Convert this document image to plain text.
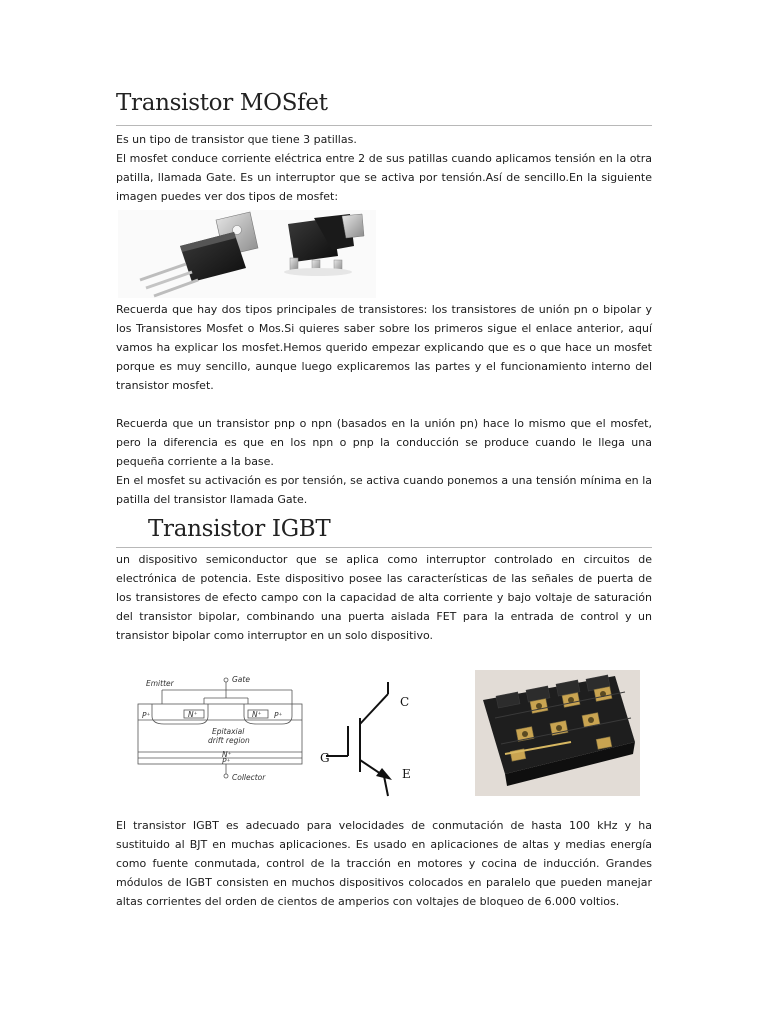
Transistor MOSfet

Es un tipo de transistor que tiene 3 patillas.

El mosfet conduce corriente eléctrica entre 2 de sus patillas cuando aplicamos tensión en la otra patilla, llamada Gate. Es un interruptor que se activa por tensión.Así de sencillo.En la siguiente imagen puedes ver dos tipos de mosfet:

Recuerda que hay dos tipos principales de transistores: los transistores de unión pn o bipolar y los Transistores Mosfet o Mos.Si quieres saber sobre los primeros sigue el enlace anterior, aquí vamos ha explicar los mosfet.Hemos querido empezar explicando que es o que hace un mosfet porque es muy sencillo, aunque luego explicaremos las partes y el funcionamiento interno del transistor mosfet.

Recuerda que un transistor pnp o npn (basados en la unión pn) hace lo mismo que el mosfet, pero la diferencia es que en los npn o pnp la conducción se produce cuando le llega una pequeña corriente a la base.

En el mosfet su activación es por tensión, se activa cuando ponemos a una tensión mínima en la patilla del transistor llamada Gate.

Transistor IGBT
un dispositivo semiconductor que se aplica como interruptor controlado en circuitos de electrónica de potencia. Este dispositivo posee las características de las señales de puerta de los transistores de efecto campo con la capacidad de alta corriente y bajo voltaje de saturación del transistor bipolar, combinando una puerta aislada FET para la entrada de control y un transistor bipolar como interruptor en un solo dispositivo.
Gate
Emitter
P⁺	P⁺
N⁺	N⁺
Epitaxial
drift region
N⁺
P⁺
Collector
C
G
E
El transistor IGBT es adecuado para velocidades de conmutación de hasta 100 kHz y ha sustituido al BJT en muchas aplicaciones. Es usado en aplicaciones de altas y medias energía como fuente conmutada, control de la tracción en motores y cocina de inducción. Grandes módulos de IGBT consisten en muchos dispositivos colocados en paralelo que pueden manejar altas corrientes del orden de cientos de amperios con voltajes de bloqueo de 6.000 voltios.
